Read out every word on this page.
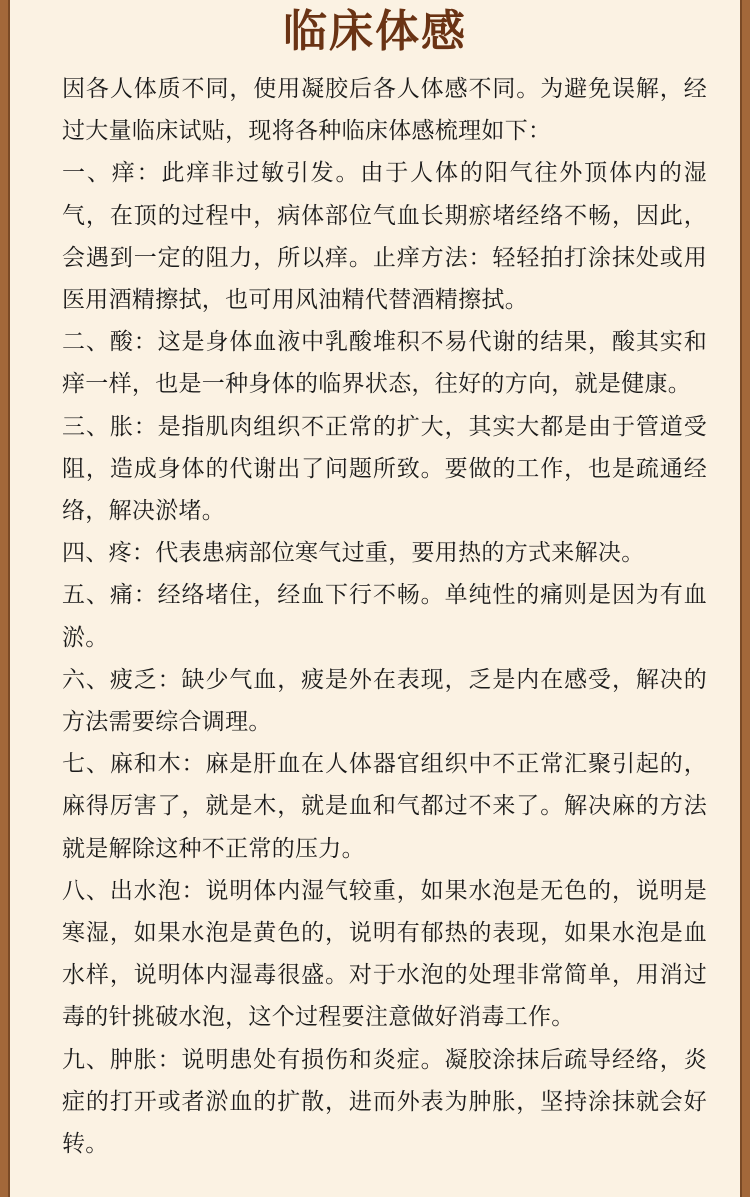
临床体感

因各人体质不同，使用凝胶后各人体感不同。为避免误解，经过大量临床试贴，现将各种临床体感梳理如下：

一、痒：此痒非过敏引发。由于人体的阳气往外顶体内的湿气，在顶的过程中，病体部位气血长期瘀堵经络不畅，因此，会遇到一定的阻力，所以痒。止痒方法：轻轻拍打涂抹处或用医用酒精擦拭，也可用风油精代替酒精擦拭。

二、酸：这是身体血液中乳酸堆积不易代谢的结果，酸其实和痒一样，也是一种身体的临界状态，往好的方向，就是健康。

三、胀：是指肌肉组织不正常的扩大，其实大都是由于管道受阻，造成身体的代谢出了问题所致。要做的工作，也是疏通经络，解决淤堵。

四、疼：代表患病部位寒气过重，要用热的方式来解决。

五、痛：经络堵住，经血下行不畅。单纯性的痛则是因为有血淤。

六、疲乏：缺少气血，疲是外在表现，乏是内在感受，解决的方法需要综合调理。

七、麻和木：麻是肝血在人体器官组织中不正常汇聚引起的，麻得厉害了，就是木，就是血和气都过不来了。解决麻的方法就是解除这种不正常的压力。

八、出水泡：说明体内湿气较重，如果水泡是无色的，说明是寒湿，如果水泡是黄色的，说明有郁热的表现，如果水泡是血水样，说明体内湿毒很盛。对于水泡的处理非常简单，用消过毒的针挑破水泡，这个过程要注意做好消毒工作。

九、肿胀：说明患处有损伤和炎症。凝胶涂抹后疏导经络，炎症的打开或者淤血的扩散，进而外表为肿胀，坚持涂抹就会好转。
